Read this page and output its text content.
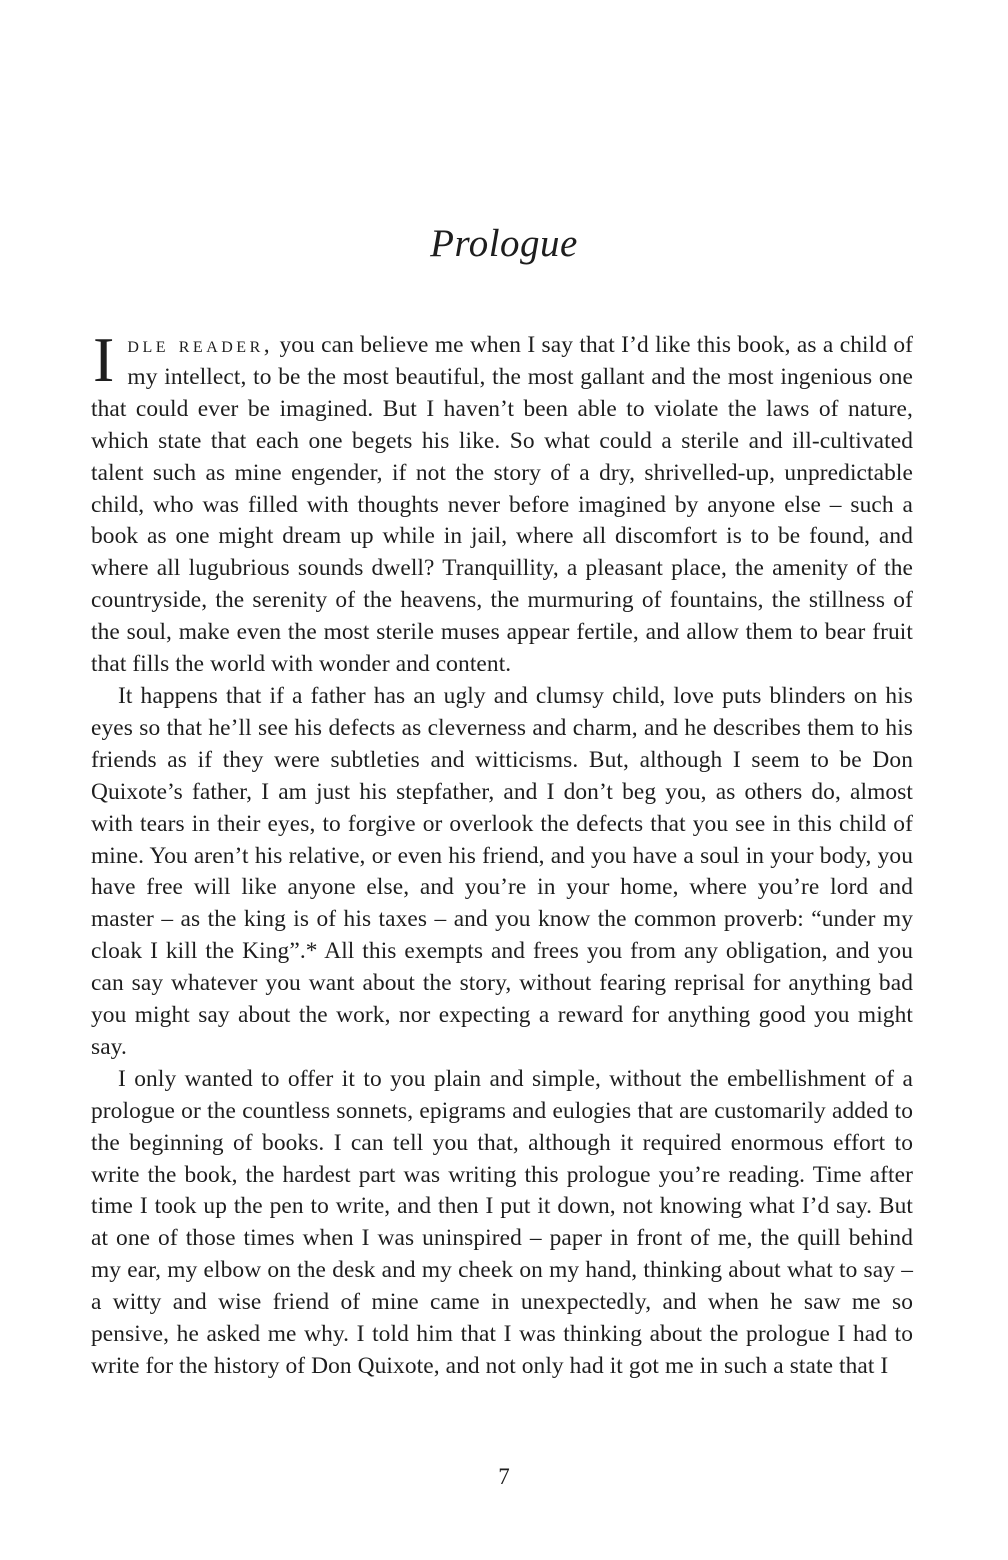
Prologue

Idle reader, you can believe me when I say that I’d like this book, as a child of my intellect, to be the most beautiful, the most gallant and the most ingenious one that could ever be imagined. But I haven’t been able to violate the laws of nature, which state that each one begets his like. So what could a sterile and ill-cultivated talent such as mine engender, if not the story of a dry, shrivelled-up, unpredictable child, who was filled with thoughts never before imagined by anyone else – such a book as one might dream up while in jail, where all discomfort is to be found, and where all lugubrious sounds dwell? Tranquillity, a pleasant place, the amenity of the countryside, the serenity of the heavens, the murmuring of fountains, the stillness of the soul, make even the most sterile muses appear fertile, and allow them to bear fruit that fills the world with wonder and content.

It happens that if a father has an ugly and clumsy child, love puts blinders on his eyes so that he’ll see his defects as cleverness and charm, and he describes them to his friends as if they were subtleties and witticisms. But, although I seem to be Don Quixote’s father, I am just his stepfather, and I don’t beg you, as others do, almost with tears in their eyes, to forgive or overlook the defects that you see in this child of mine. You aren’t his relative, or even his friend, and you have a soul in your body, you have free will like anyone else, and you’re in your home, where you’re lord and master – as the king is of his taxes – and you know the common proverb: “under my cloak I kill the King”.* All this exempts and frees you from any obligation, and you can say whatever you want about the story, without fearing reprisal for anything bad you might say about the work, nor expecting a reward for anything good you might say.

I only wanted to offer it to you plain and simple, without the embellishment of a prologue or the countless sonnets, epigrams and eulogies that are customarily added to the beginning of books. I can tell you that, although it required enormous effort to write the book, the hardest part was writing this prologue you’re reading. Time after time I took up the pen to write, and then I put it down, not knowing what I’d say. But at one of those times when I was uninspired – paper in front of me, the quill behind my ear, my elbow on the desk and my cheek on my hand, thinking about what to say – a witty and wise friend of mine came in unexpectedly, and when he saw me so pensive, he asked me why. I told him that I was thinking about the prologue I had to write for the history of Don Quixote, and not only had it got me in such a state that I

7
